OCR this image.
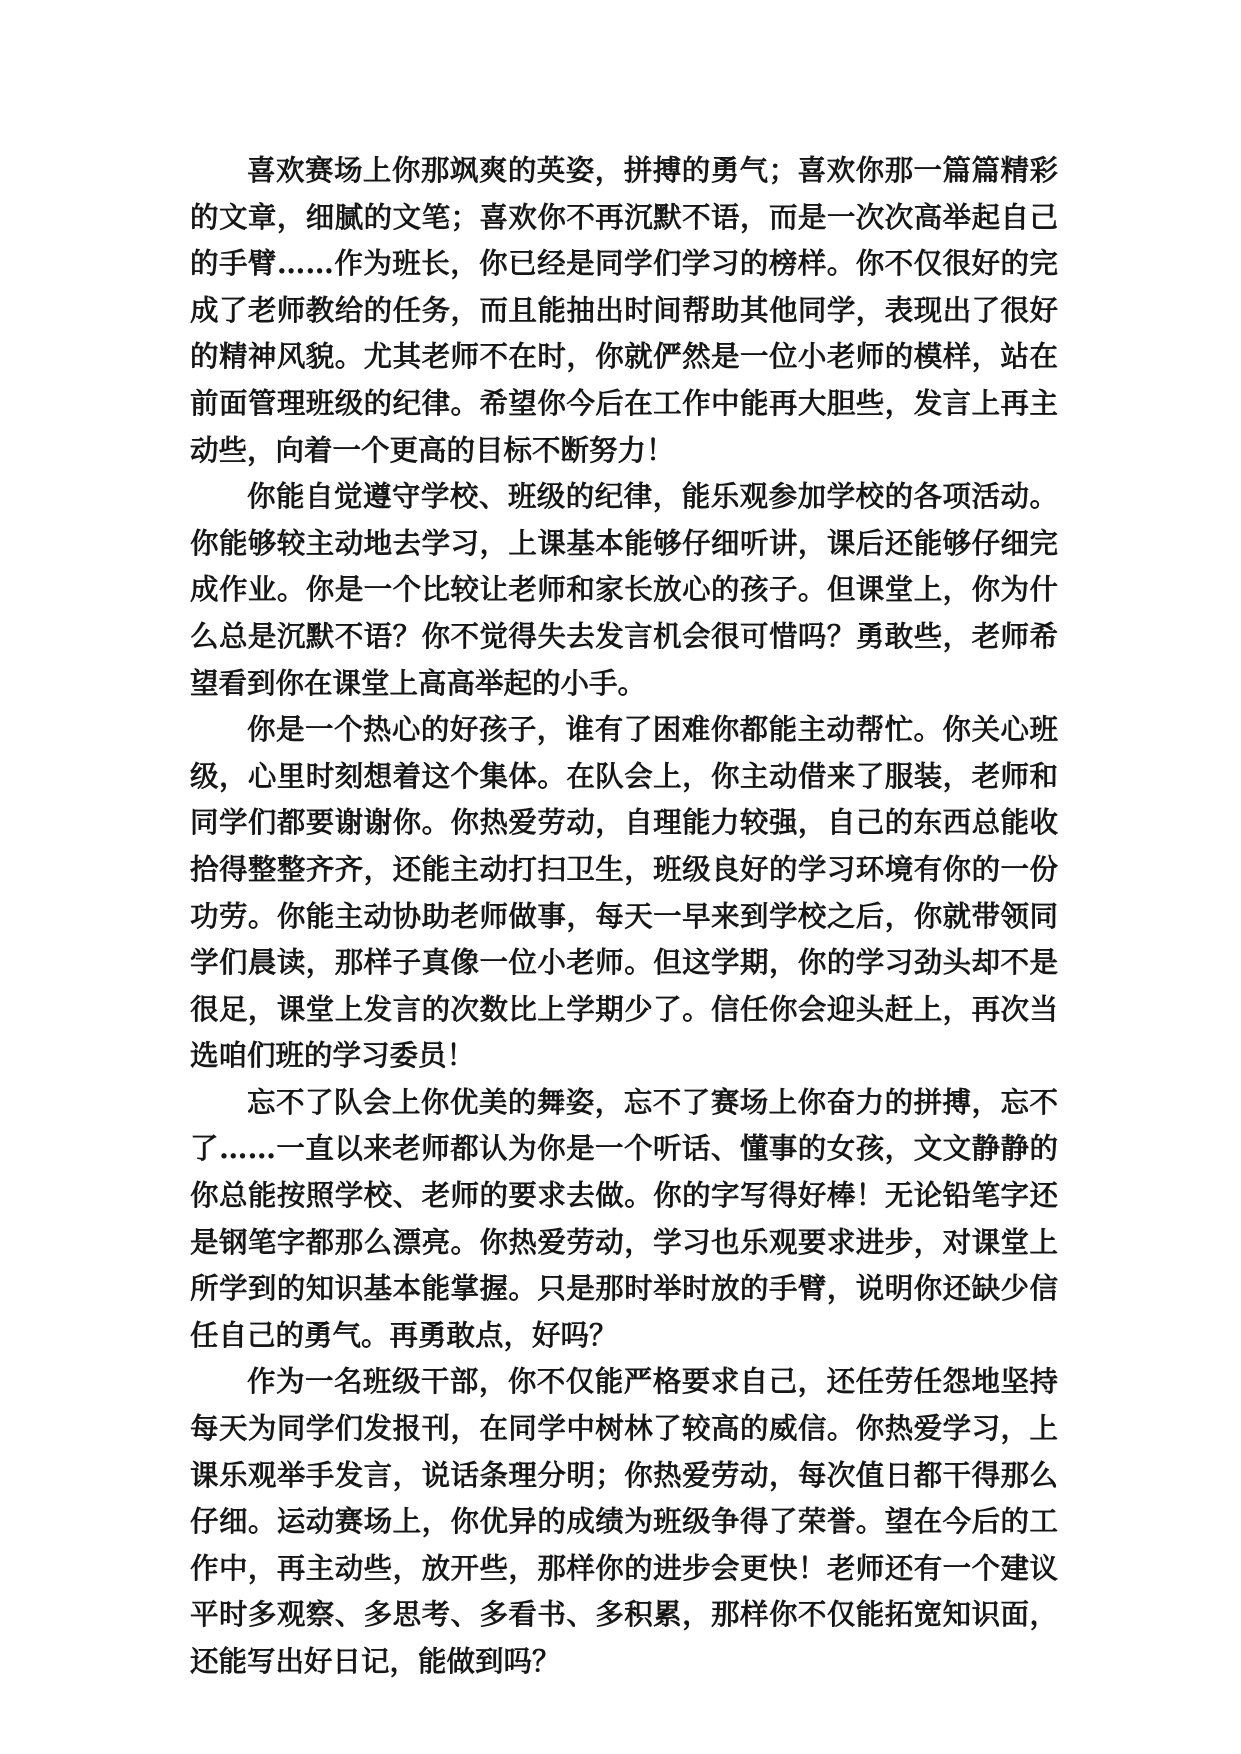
喜欢赛场上你那飒爽的英姿，拼搏的勇气；喜欢你那一篇篇精彩的文章，细腻的文笔；喜欢你不再沉默不语，而是一次次高举起自己的手臂……作为班长，你已经是同学们学习的榜样。你不仅很好的完成了老师教给的任务，而且能抽出时间帮助其他同学，表现出了很好的精神风貌。尤其老师不在时，你就俨然是一位小老师的模样，站在前面管理班级的纪律。希望你今后在工作中能再大胆些，发言上再主动些，向着一个更高的目标不断努力！

你能自觉遵守学校、班级的纪律，能乐观参加学校的各项活动。你能够较主动地去学习，上课基本能够仔细听讲，课后还能够仔细完成作业。你是一个比较让老师和家长放心的孩子。但课堂上，你为什么总是沉默不语？你不觉得失去发言机会很可惜吗？勇敢些，老师希望看到你在课堂上高高举起的小手。

你是一个热心的好孩子，谁有了困难你都能主动帮忙。你关心班级，心里时刻想着这个集体。在队会上，你主动借来了服装，老师和同学们都要谢谢你。你热爱劳动，自理能力较强，自己的东西总能收拾得整整齐齐，还能主动打扫卫生，班级良好的学习环境有你的一份功劳。你能主动协助老师做事，每天一早来到学校之后，你就带领同学们晨读，那样子真像一位小老师。但这学期，你的学习劲头却不是很足，课堂上发言的次数比上学期少了。信任你会迎头赶上，再次当选咱们班的学习委员！

忘不了队会上你优美的舞姿，忘不了赛场上你奋力的拼搏，忘不了……一直以来老师都认为你是一个听话、懂事的女孩，文文静静的你总能按照学校、老师的要求去做。你的字写得好棒！无论铅笔字还是钢笔字都那么漂亮。你热爱劳动，学习也乐观要求进步，对课堂上所学到的知识基本能掌握。只是那时举时放的手臂，说明你还缺少信任自己的勇气。再勇敢点，好吗？

作为一名班级干部，你不仅能严格要求自己，还任劳任怨地坚持每天为同学们发报刊，在同学中树林了较高的威信。你热爱学习，上课乐观举手发言，说话条理分明；你热爱劳动，每次值日都干得那么仔细。运动赛场上，你优异的成绩为班级争得了荣誉。望在今后的工作中，再主动些，放开些，那样你的进步会更快！老师还有一个建议平时多观察、多思考、多看书、多积累，那样你不仅能拓宽知识面，还能写出好日记，能做到吗？
